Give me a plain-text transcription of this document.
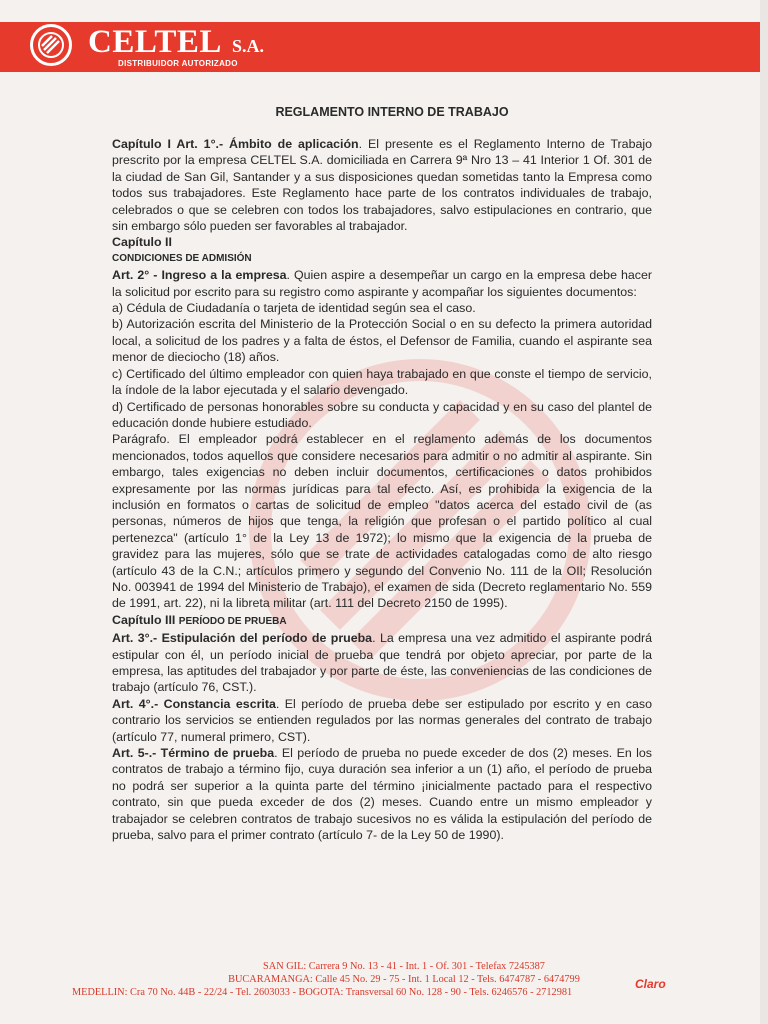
CELTEL S.A.
DISTRIBUIDOR AUTORIZADO
REGLAMENTO INTERNO DE TRABAJO

Capítulo I Art. 1°.- Ámbito de aplicación. El presente es el Reglamento Interno de Trabajo prescrito por la empresa CELTEL S.A. domiciliada en Carrera 9ª Nro 13 – 41 Interior 1 Of. 301 de la ciudad de San Gil, Santander y a sus disposiciones quedan sometidas tanto la Empresa como todos sus trabajadores. Este Reglamento hace parte de los contratos individuales de trabajo, celebrados o que se celebren con todos los trabajadores, salvo estipulaciones en contrario, que sin embargo sólo pueden ser favorables al trabajador.

Capítulo II

CONDICIONES DE ADMISIÓN

Art. 2° - Ingreso a la empresa. Quien aspire a desempeñar un cargo en la empresa debe hacer la solicitud por escrito para su registro como aspirante y acompañar los siguientes documentos:

a) Cédula de Ciudadanía o tarjeta de identidad según sea el caso.

b) Autorización escrita del Ministerio de la Protección Social o en su defecto la primera autoridad local, a solicitud de los padres y a falta de éstos, el Defensor de Familia, cuando el aspirante sea menor de dieciocho (18) años.

c) Certificado del último empleador con quien haya trabajado en que conste el tiempo de servicio, la índole de la labor ejecutada y el salario devengado.

d) Certificado de personas honorables sobre su conducta y capacidad y en su caso del plantel de educación donde hubiere estudiado.

Parágrafo. El empleador podrá establecer en el reglamento además de los documentos mencionados, todos aquellos que considere necesarios para admitir o no admitir al aspirante. Sin embargo, tales exigencias no deben incluir documentos, certificaciones o datos prohibidos expresamente por las normas jurídicas para tal efecto. Así, es prohibida la exigencia de la inclusión en formatos o cartas de solicitud de empleo "datos acerca del estado civil de (as personas, números de hijos que tenga, la religión que profesan o el partido político al cual pertenezca" (artículo 1° de la Ley 13 de 1972); lo mismo que la exigencia de la prueba de gravidez para las mujeres, sólo que se trate de actividades catalogadas como de alto riesgo (artículo 43 de la C.N.; artículos primero y segundo del Convenio No. 111 de la OIl; Resolución No. 003941 de 1994 del Ministerio de Trabajo), el examen de sida (Decreto reglamentario No. 559 de 1991, art. 22), ni la libreta militar (art. 111 del Decreto 2150 de 1995).

Capítulo III PERÍODO DE PRUEBA

Art. 3°.- Estipulación del período de prueba. La empresa una vez admitido el aspirante podrá estipular con él, un período inicial de prueba que tendrá por objeto apreciar, por parte de la empresa, las aptitudes del trabajador y por parte de éste, las conveniencias de las condiciones de trabajo (artículo 76, CST.).

Art. 4°.- Constancia escrita. El período de prueba debe ser estipulado por escrito y en caso contrario los servicios se entienden regulados por las normas generales del contrato de trabajo (artículo 77, numeral primero, CST).

Art. 5-.- Término de prueba. El período de prueba no puede exceder de dos (2) meses. En los contratos de trabajo a término fijo, cuya duración sea inferior a un (1) año, el período de prueba no podrá ser superior a la quinta parte del término ¡inicialmente pactado para el respectivo contrato, sin que pueda exceder de dos (2) meses. Cuando entre un mismo empleador y trabajador se celebren contratos de trabajo sucesivos no es válida la estipulación del período de prueba, salvo para el primer contrato (artículo 7- de la Ley 50 de 1990).

SAN GIL: Carrera 9 No. 13 - 41 - Int. 1 - Of. 301 - Telefax 7245387
BUCARAMANGA: Calle 45 No. 29 - 75 - Int. 1 Local 12 - Tels. 6474787 - 6474799
MEDELLIN: Cra 70 No. 44B - 22/24 - Tel. 2603033 - BOGOTA: Transversal 60 No. 128 - 90 - Tels. 6246576 - 2712981
Claro
